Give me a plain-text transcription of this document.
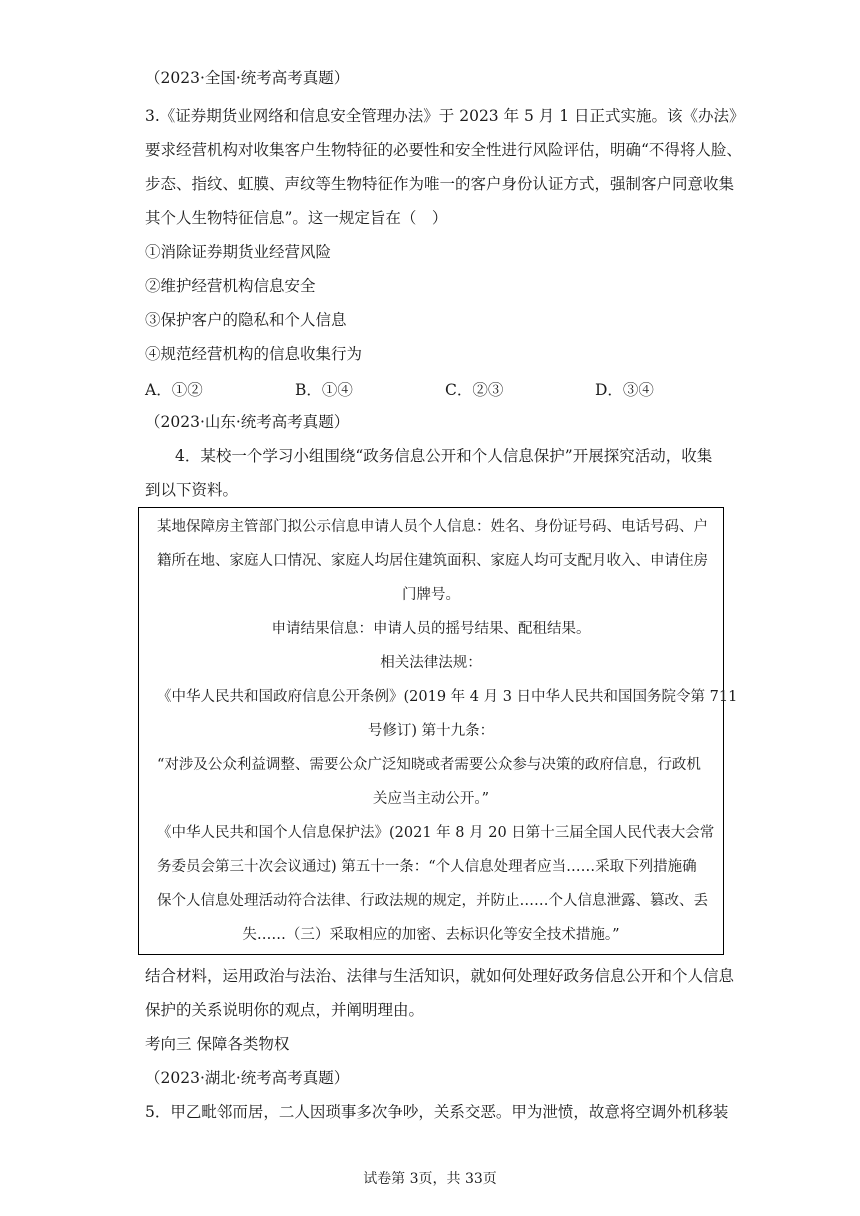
（2023·全国·统考高考真题）
3.《证券期货业网络和信息安全管理办法》于 2023 年 5 月 1 日正式实施。该《办法》
要求经营机构对收集客户生物特征的必要性和安全性进行风险评估，明确“不得将人脸、
步态、指纹、虹膜、声纹等生物特征作为唯一的客户身份认证方式，强制客户同意收集
其个人生物特征信息”。这一规定旨在（　）
①消除证券期货业经营风险
②维护经营机构信息安全
③保护客户的隐私和个人信息
④规范经营机构的信息收集行为
A．①②	B．①④	C．②③	D．③④
（2023·山东·统考高考真题）
4．某校一个学习小组围绕“政务信息公开和个人信息保护”开展探究活动，收集
到以下资料。
某地保障房主管部门拟公示信息申请人员个人信息：姓名、身份证号码、电话号码、户
籍所在地、家庭人口情况、家庭人均居住建筑面积、家庭人均可支配月收入、申请住房
门牌号。
申请结果信息：申请人员的摇号结果、配租结果。
相关法律法规：
《中华人民共和国政府信息公开条例》(2019 年 4 月 3 日中华人民共和国国务院令第 711
号修订) 第十九条：
“对涉及公众利益调整、需要公众广泛知晓或者需要公众参与决策的政府信息，行政机
关应当主动公开。”
《中华人民共和国个人信息保护法》(2021 年 8 月 20 日第十三届全国人民代表大会常
务委员会第三十次会议通过) 第五十一条：“个人信息处理者应当……采取下列措施确
保个人信息处理活动符合法律、行政法规的规定，并防止……个人信息泄露、篡改、丢
失……（三）采取相应的加密、去标识化等安全技术措施。”
结合材料，运用政治与法治、法律与生活知识，就如何处理好政务信息公开和个人信息
保护的关系说明你的观点，并阐明理由。
考向三 保障各类物权
（2023·湖北·统考高考真题）
5．甲乙毗邻而居，二人因琐事多次争吵，关系交恶。甲为泄愤，故意将空调外机移装
试卷第 3页，共 33页
